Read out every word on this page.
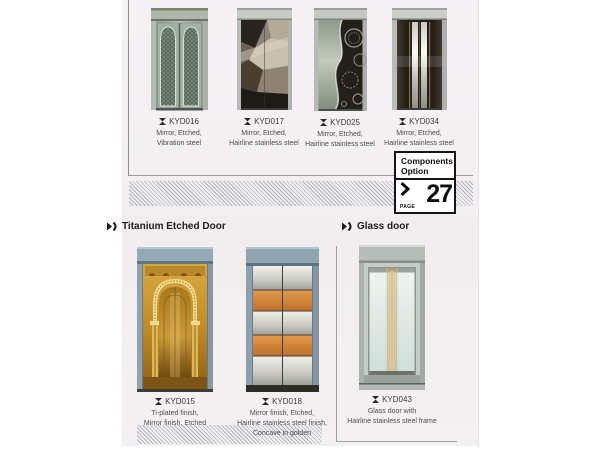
KYD016
Mirror, Etched,
Vibration steel
KYD017
Mirror, Etched,
Hairline stainless steel
KYD025
Mirror, Etched,
Hairline stainless steel
KYD034
Mirror, Etched,
Hairline stainless steel
Components
Option
PAGE 27
Titanium Etched Door	Glass door
KYD015
Ti-plated finish,
Mirror finish, Etched
KYD018
Mirror finish, Etched,
Hairline stainless steel finish,
Concave in golden
KYD043
Glass door with
Hairline stainless steel frame
